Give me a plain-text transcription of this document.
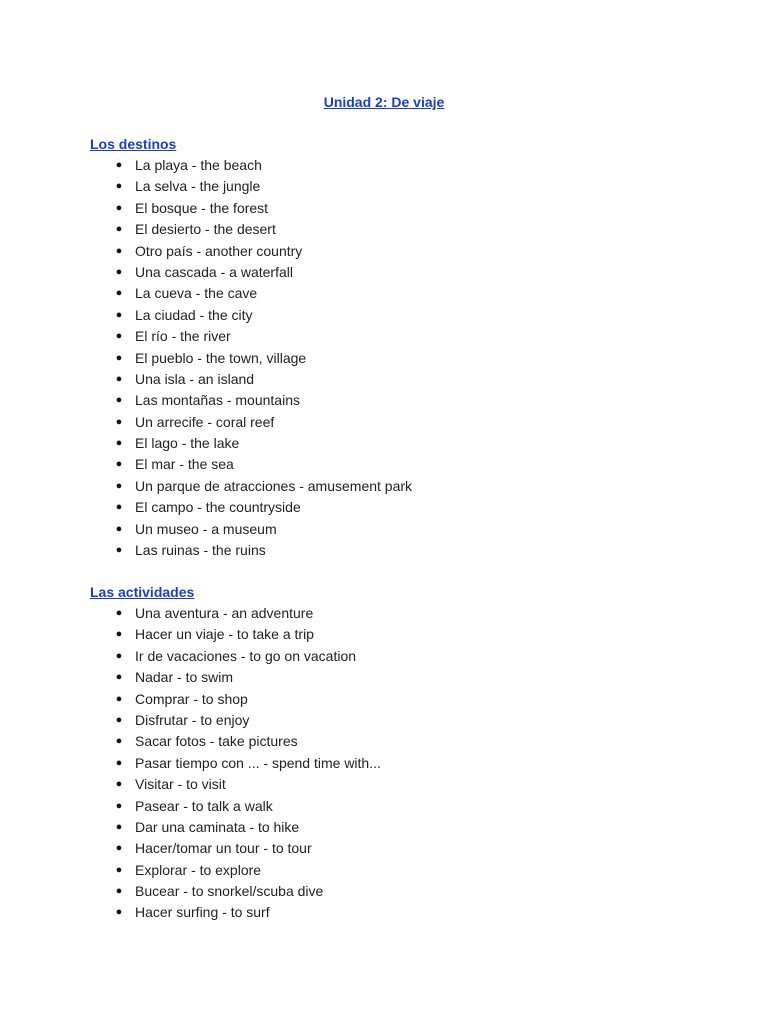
Unidad 2: De viaje
Los destinos
● La playa - the beach
● La selva - the jungle
● El bosque - the forest
● El desierto - the desert
● Otro país - another country
● Una cascada - a waterfall
● La cueva - the cave
● La ciudad - the city
● El río - the river
● El pueblo - the town, village
● Una isla - an island
● Las montañas - mountains
● Un arrecife - coral reef
● El lago - the lake
● El mar - the sea
● Un parque de atracciones - amusement park
● El campo - the countryside
● Un museo - a museum
● Las ruinas - the ruins
Las actividades
● Una aventura - an adventure
● Hacer un viaje - to take a trip
● Ir de vacaciones - to go on vacation
● Nadar - to swim
● Comprar - to shop
● Disfrutar - to enjoy
● Sacar fotos - take pictures
● Pasar tiempo con ... - spend time with...
● Visitar - to visit
● Pasear - to talk a walk
● Dar una caminata - to hike
● Hacer/tomar un tour - to tour
● Explorar - to explore
● Bucear - to snorkel/scuba dive
● Hacer surfing - to surf
